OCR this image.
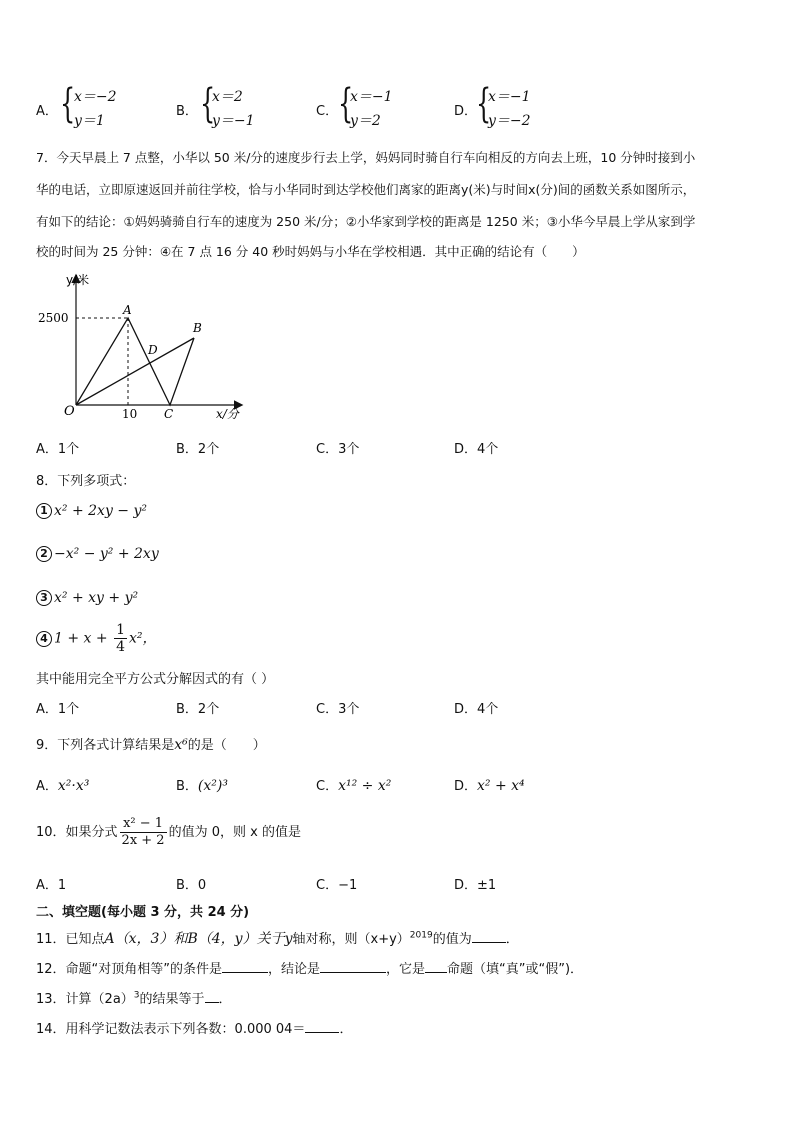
A． {
x＝−2
y＝1
B． {
x＝2
y＝−1
C． {
x＝−1
y＝2
D．
{
x＝−1
y＝−2
7．今天早晨上 7 点整，小华以 50 米/分的速度步行去上学，妈妈同时骑自行车向相反的方向去上班，10 分钟时接到小
华的电话，立即原速返回并前往学校，恰与小华同时到达学校他们离家的距离y(米)与时间x(分)间的函数关系如图所示，
有如下的结论：①妈妈骑骑自行车的速度为 250 米/分；②小华家到学校的距离是 1250 米；③小华今早晨上学从家到学
校的时间为 25 分钟：④在 7 点 16 分 40 秒时妈妈与小华在学校相遇．其中正确的结论有（　　）
y/米
2500
10	x/分
O
A
B
C
D
A．1个	B．2个	C．3个	D．4个
8．下列多项式：
1 x² + 2xy − y²
2 −x² − y² + 2xy
3 x² + xy + y²
4 $1 + x + \frac{1}{4} x^2$，
其中能用完全平方公式分解因式的有（ ）
A．1个	B．2个	C．3个	D．4个
9．下列各式计算结果是x⁶的是（　　）
A．x²·x³	B．(x²)³	C．x¹² ÷ x²	D．x² + x⁴
10．如果分式 $\frac{\text{x² − 1}}{2x + 2}$ 的值为 0，则 x 的值是
A．1	B．0	C．−1	D．±1
二、填空题(每小题 3 分，共 24 分)
11．已知点A（x，3）和B（4，y）关于y轴对称，则$(x+y)^{2019}$的值为	．
12．命题“对顶角相等”的条件是	，结论是	，它是 命题（填“真”或“假”)．
13．计算$(2a)^3$的结果等于 ．
14．用科学记数法表示下列各数：0.000 04＝	．
